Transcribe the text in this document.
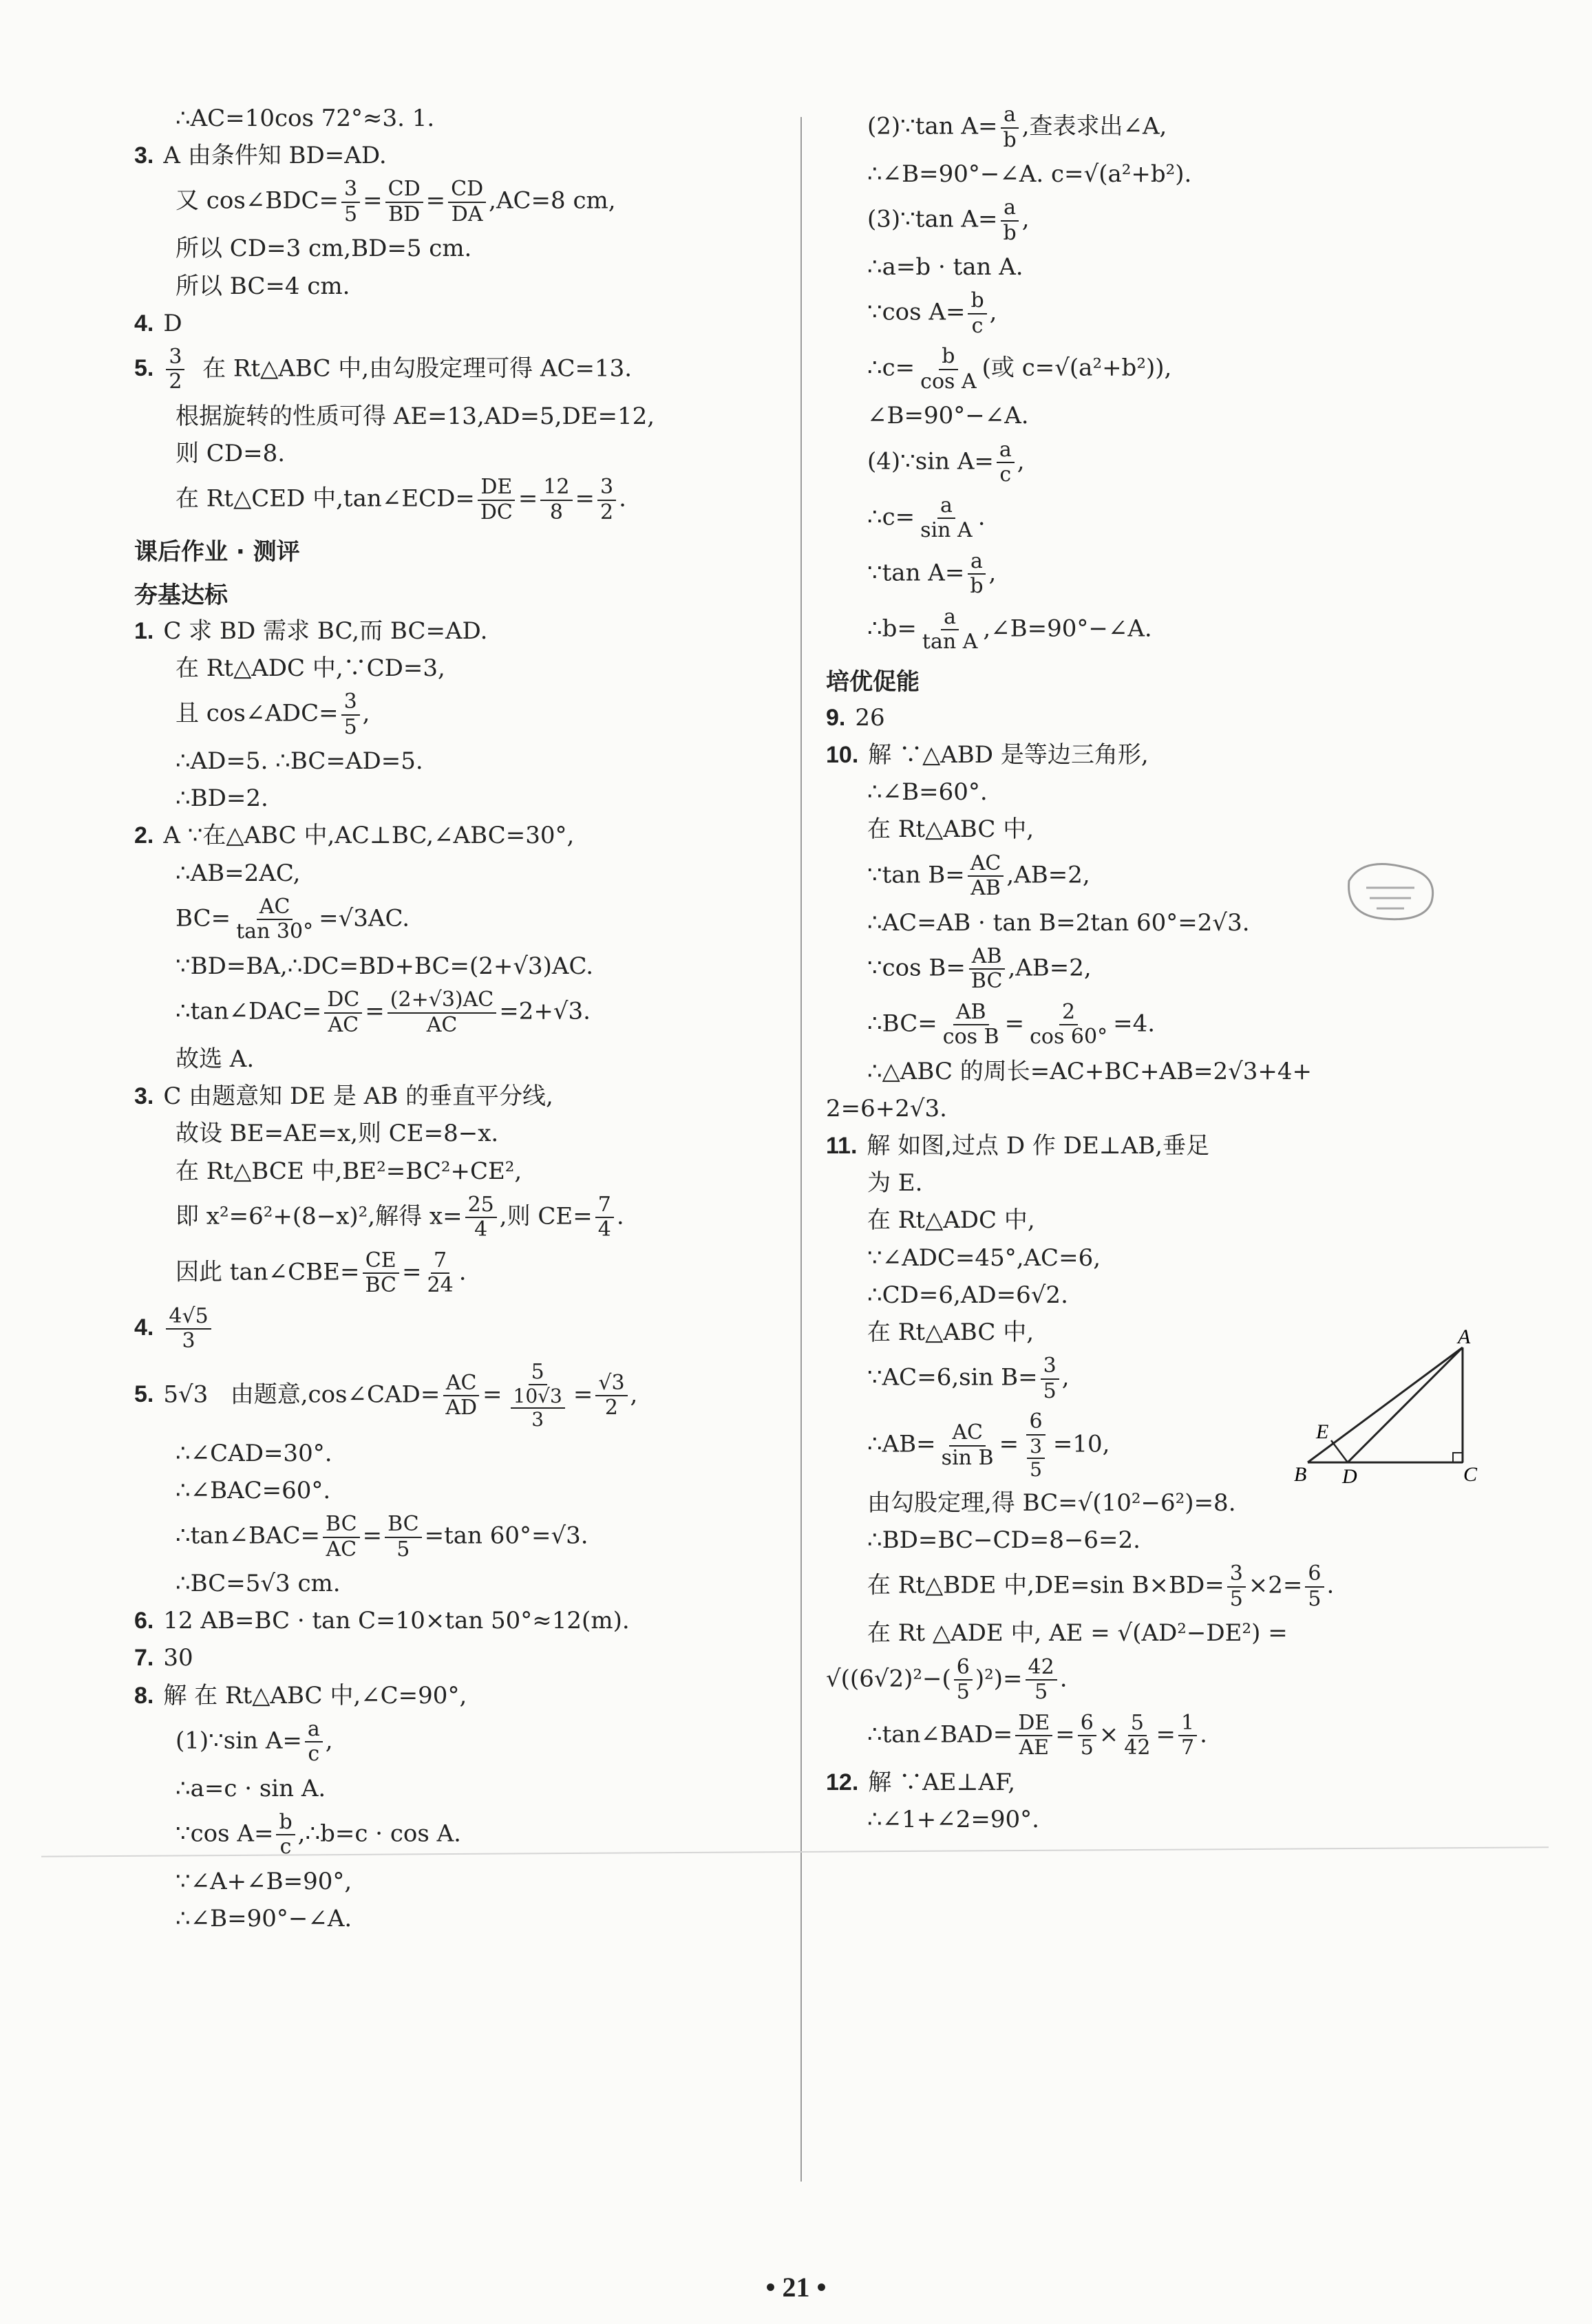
∴AC=10cos 72°≈3. 1.

3. A 由条件知 BD=AD.

又 cos∠BDC= $\frac{3}{5} = \frac{CD}{BD} = \frac{CD}{DA} ,AC=8$ cm,

所以 CD=3 cm,BD=5 cm.

所以 BC=4 cm.

4. D

5. $\frac{3}{2}$ 在 Rt△ABC 中,由勾股定理可得 AC=13.

根据旋转的性质可得 AE=13,AD=5,DE=12,

则 CD=8.

在 Rt△CED 中,tan∠ECD= $\frac{DE}{DC} = \frac{12}{8} = \frac{3}{2}$ .

课后作业 · 测评

夯基达标

1. C 求 BD 需求 BC,而 BC=AD.

在 Rt△ADC 中,∵CD=3,

且 cos∠ADC= $\frac{3}{5}$ ,

∴AD=5. ∴BC=AD=5.

∴BD=2.

2. A ∵在△ABC 中,AC⊥BC,∠ABC=30°,

∴AB=2AC,

$BC= \frac{AC}{\tan 30^\circ} =√3AC$.

∵BD=BA,∴DC=BD+BC=(2+√3)AC.

∴tan∠DAC= $\frac{DC}{AC} = \frac{(2+√3)AC}{AC} =2+√3$.

故选 A.

3. C 由题意知 DE 是 AB 的垂直平分线,

故设 BE=AE=x,则 CE=8−x.

在 Rt△BCE 中,BE²=BC²+CE²,

即 x²=6²+(8−x)²,解得 $x= \frac{25}{4}$ ,则 $CE= \frac{7}{4}$ .

因此 tan∠CBE= $\frac{CE}{BC} = \frac{7}{24}$ .

4. $\frac{4√5}{3}$

5. 5√3 由题意,cos∠CAD= $\frac{AC}{AD} = \frac{5}{\frac{10√3}{3}} = \frac{√3}{2}$ ,

∴∠CAD=30°.

∴∠BAC=60°.

∴tan∠BAC= $\frac{BC}{AC} = \frac{BC}{5} =\tan$ 60°=√3.

∴BC=5√3 cm.

6. 12 AB=BC · tan C=10×tan 50°≈12(m).

7. 30

8. 解 在 Rt△ABC 中,∠C=90°,

(1)∵sin $A= \frac{a}{c}$ ,

∴a=c · sin A.

∵cos $A= \frac{b}{c}$ ,∴b=c · cos A.

∵∠A+∠B=90°,

∴∠B=90°−∠A.

(2)∵tan $A= \frac{a}{b}$ ,查表求出∠A,

∴∠B=90°−∠A. c=√(a²+b²).

(3)∵tan $A= \frac{a}{b}$ ,

∴a=b · tan A.

∵cos $A= \frac{b}{c}$ ,

∴c= $\frac{b}{\text{cos A}}$ (或 c=√(a²+b²)),

∠B=90°−∠A.

(4)∵sin $A= \frac{a}{c}$ ,

∴c= $\frac{a}{\text{sin A}}$ .

∵tan $A= \frac{a}{b}$ ,

∴b= $\frac{a}{\text{tan A}}$ ,∠B=90°−∠A.

培优促能

9. 26

10. 解 ∵△ABD 是等边三角形,

∴∠B=60°.

在 Rt△ABC 中,

∵tan $B= \frac{AC}{AB} ,AB=2$,

∴AC=AB · tan B=2tan 60°=2√3.

∵cos $B= \frac{AB}{BC} ,AB=2$,

∴BC= $\frac{AB}{\text{cos B}} = \frac{2}{\cos 60^\circ} =4$.

∴△ABC 的周长=AC+BC+AB=2√3+4+

2=6+2√3.

11. 解 如图,过点 D 作 DE⊥AB,垂足

为 E.

在 Rt△ADC 中,

∵∠ADC=45°,AC=6,

∴CD=6,AD=6√2.

在 Rt△ABC 中,

∵AC=6,sin $B= \frac{3}{5}$ ,

∴AB= $\frac{AC}{\text{sin B}} = \frac{6}{\frac{3}{5}} =10$,

由勾股定理,得 BC=√(10²−6²)=8.

∴BD=BC−CD=8−6=2.

在 Rt△BDE 中,DE=sin $B\times BD= \frac{3}{5} \times 2= \frac{6}{5}$ .

在 Rt △ADE 中, AE = √(AD²−DE²) =

$√((6√2)^2-( \frac{6}{5} )^2)= \frac{42}{5}$ .

∴tan∠BAD= $\frac{DE}{AE} = \frac{6}{5} \times \frac{5}{42} = \frac{1}{7}$ .

12. 解 ∵AE⊥AF,

∴∠1+∠2=90°.

A
B	C
D
E
• 21 •
